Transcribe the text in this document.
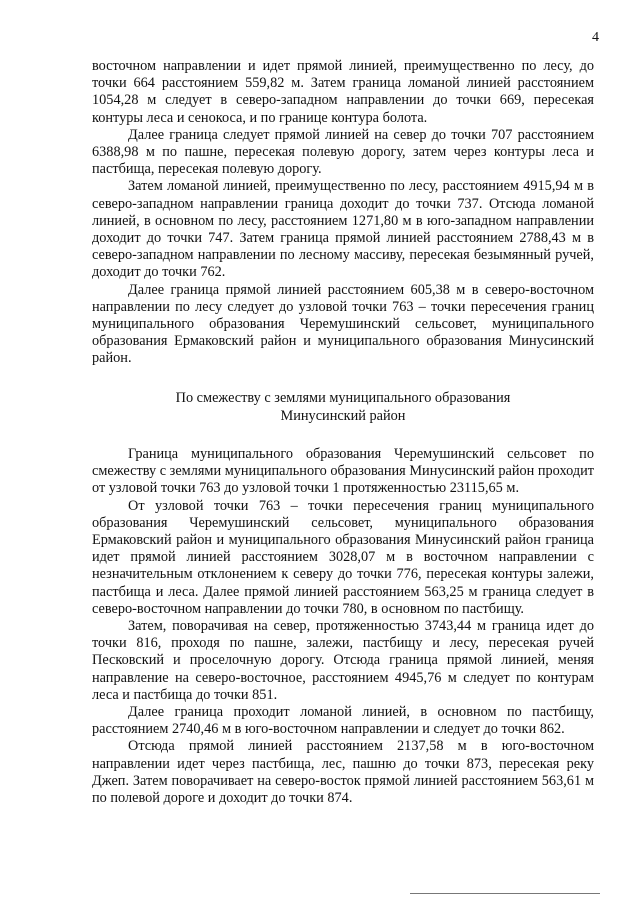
4

восточном направлении и идет прямой линией, преимущественно по лесу, до точки 664 расстоянием 559,82 м. Затем граница ломаной линией расстоянием 1054,28 м следует в северо-западном направлении до точки 669, пересекая контуры леса и сенокоса, и по границе контура болота.

Далее граница следует прямой линией на север до точки 707 расстоянием 6388,98 м по пашне, пересекая полевую дорогу, затем через контуры леса и пастбища, пересекая полевую дорогу.

Затем ломаной линией, преимущественно по лесу, расстоянием 4915,94 м в северо-западном направлении граница доходит до точки 737. Отсюда ломаной линией, в основном по лесу, расстоянием 1271,80 м в юго-западном направлении доходит до точки 747. Затем граница прямой линией расстоянием 2788,43 м в северо-западном направлении по лесному массиву, пересекая безымянный ручей, доходит до точки 762.

Далее граница прямой линией расстоянием 605,38 м в северо-восточном направлении по лесу следует до узловой точки 763 – точки пересечения границ муниципального образования Черемушинский сельсовет, муниципального образования Ермаковский район и муниципального образования Минусинский район.

По смежеству с землями муниципального образования
Минусинский район

Граница муниципального образования Черемушинский сельсовет по смежеству с землями муниципального образования Минусинский район проходит от узловой точки 763 до узловой точки 1 протяженностью 23115,65 м.

От узловой точки 763 – точки пересечения границ муниципального образования Черемушинский сельсовет, муниципального образования Ермаковский район и муниципального образования Минусинский район граница идет прямой линией расстоянием 3028,07 м в восточном направлении с незначительным отклонением к северу до точки 776, пересекая контуры залежи, пастбища и леса. Далее прямой линией расстоянием 563,25 м граница следует в северо-восточном направлении до точки 780, в основном по пастбищу.

Затем, поворачивая на север, протяженностью 3743,44 м граница идет до точки 816, проходя по пашне, залежи, пастбищу и лесу, пересекая ручей Песковский и проселочную дорогу. Отсюда граница прямой линией, меняя направление на северо-восточное, расстоянием 4945,76 м следует по контурам леса и пастбища до точки 851.

Далее граница проходит ломаной линией, в основном по пастбищу, расстоянием 2740,46 м в юго-восточном направлении и следует до точки 862.

Отсюда прямой линией расстоянием 2137,58 м в юго-восточном направлении идет через пастбища, лес, пашню до точки 873, пересекая реку Джеп. Затем поворачивает на северо-восток прямой линией расстоянием 563,61 м по полевой дороге и доходит до точки 874.
